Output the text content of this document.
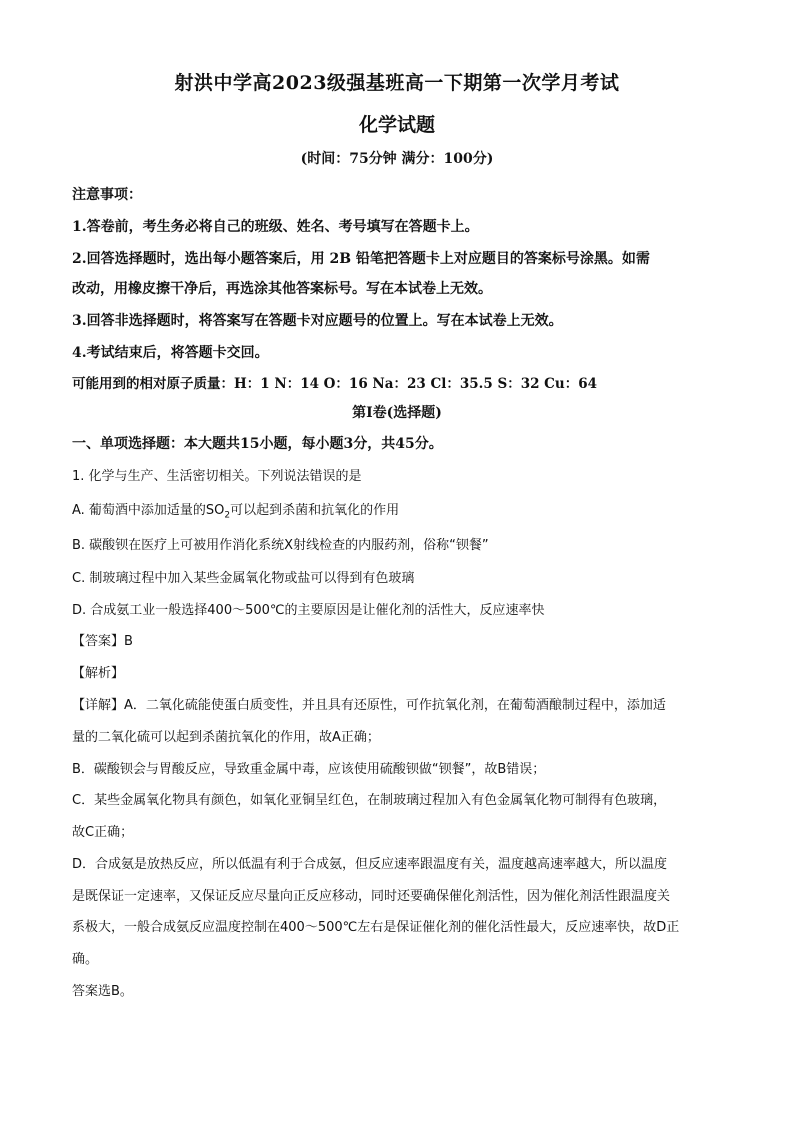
射洪中学高2023级强基班高一下期第一次学月考试
化学试题
(时间：75分钟 满分：100分)
注意事项：
1.答卷前，考生务必将自己的班级、姓名、考号填写在答题卡上。
2.回答选择题时，选出每小题答案后，用 2B 铅笔把答题卡上对应题目的答案标号涂黑。如需
改动，用橡皮擦干净后，再选涂其他答案标号。写在本试卷上无效。
3.回答非选择题时，将答案写在答题卡对应题号的位置上。写在本试卷上无效。
4.考试结束后，将答题卡交回。
可能用到的相对原子质量：H：1 N：14 O：16 Na：23 Cl：35.5 S：32 Cu：64
第Ⅰ卷(选择题)
一、单项选择题：本大题共15小题，每小题3分，共45分。
1. 化学与生产、生活密切相关。下列说法错误的是
A. 葡萄酒中添加适量的$SO_2$可以起到杀菌和抗氧化的作用
B. 碳酸钡在医疗上可被用作消化系统X射线检查的内服药剂，俗称“钡餐”
C. 制玻璃过程中加入某些金属氧化物或盐可以得到有色玻璃
D. 合成氨工业一般选择400～500℃的主要原因是让催化剂的活性大，反应速率快
【答案】B
【解析】
【详解】A．二氧化硫能使蛋白质变性，并且具有还原性，可作抗氧化剂，在葡萄酒酿制过程中，添加适
量的二氧化硫可以起到杀菌抗氧化的作用，故A正确；
B．碳酸钡会与胃酸反应，导致重金属中毒，应该使用硫酸钡做“钡餐”，故B错误；
C．某些金属氧化物具有颜色，如氧化亚铜呈红色，在制玻璃过程加入有色金属氧化物可制得有色玻璃，
故C正确；
D．合成氨是放热反应，所以低温有利于合成氨，但反应速率跟温度有关，温度越高速率越大，所以温度
是既保证一定速率，又保证反应尽量向正反应移动，同时还要确保催化剂活性，因为催化剂活性跟温度关
系极大，一般合成氨反应温度控制在400～500℃左右是保证催化剂的催化活性最大，反应速率快，故D正
确。
答案选B。
